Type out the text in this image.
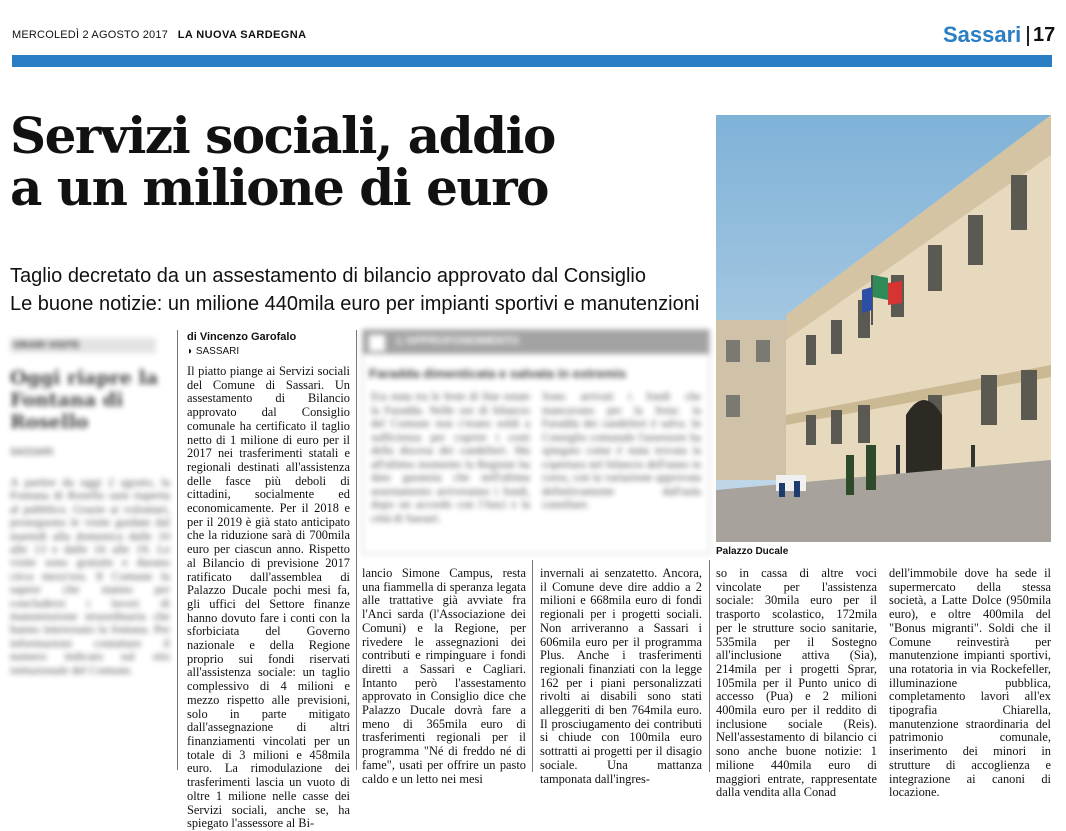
MERCOLEDÌ 2 AGOSTO 2017 LA NUOVA SARDEGNA	Sassari 17
Servizi sociali, addio
a un milione di euro
Taglio decretato da un assestamento di bilancio approvato dal Consiglio
Le buone notizie: un milione 440mila euro per impianti sportivi e manutenzioni
Palazzo Ducale
ORARI VISITE
Oggi riapre la Fontana di Rosello
SASSARI
A partire da oggi 2 agosto, la Fontana di Rosello sarà riaperta al pubblico. Grazie ai volontari, proseguono le visite guidate dal martedì alla domenica dalle 10 alle 13 e dalle 16 alle 19. Le visite sono gratuite e durano circa mezz'ora. Il Comune fa sapere che stanno per concludersi i lavori di manutenzione straordinaria che hanno interessato la fontana. Per informazioni contattare il numero indicato sul sito istituzionale del Comune.
di Vincenzo Garofalo
◗ SASSARI

Il piatto piange ai Servizi sociali del Comune di Sassari. Un assestamento di Bilancio approvato dal Consiglio comunale ha certificato il taglio netto di 1 milione di euro per il 2017 nei trasferimenti statali e regionali destinati all'assistenza delle fasce più deboli di cittadini, socialmente ed economicamente. Per il 2018 e per il 2019 è già stato anticipato che la riduzione sarà di 700mila euro per ciascun anno. Rispetto al Bilancio di previsione 2017 ratificato dall'assemblea di Palazzo Ducale pochi mesi fa, gli uffici del Settore finanze hanno dovuto fare i conti con la sforbiciata del Governo nazionale e della Regione proprio sui fondi riservati all'assistenza sociale: un taglio complessivo di 4 milioni e mezzo rispetto alle previsioni, solo in parte mitigato dall'assegnazione di altri finanziamenti vincolati per un totale di 3 milioni e 458mila euro. La rimodulazione dei trasferimenti lascia un vuoto di oltre 1 milione nelle casse dei Servizi sociali, anche se, ha spiegato l'assessore al Bi-

L'APPROFONDIMENTO
Faradda dimenticata e salvata in extremis

Era stata tra le feste di fine estate la Faradda. Nelle ore di bilancio del Comune non c'erano soldi a sufficienza per coprire i costi della discesa dei candelieri. Ma all'ultimo momento la Regione ha dato garanzia che nell'ultima assestamento arriveranno i fondi, dopo un accordo con l'Anci e la città di Sassari.

Sono arrivati i fondi che mancavano per la festa: la Faradda dei candelieri è salva. In Consiglio comunale l'assessore ha spiegato come è stata trovata la copertura nel bilancio dell'anno in corso, con la variazione approvata definitivamente dall'aula consiliare.

lancio Simone Campus, resta una fiammella di speranza legata alle trattative già avviate fra l'Anci sarda (l'Associazione dei Comuni) e la Regione, per rivedere le assegnazioni dei contributi e rimpinguare i fondi diretti a Sassari e Cagliari. Intanto però l'assestamento approvato in Consiglio dice che Palazzo Ducale dovrà fare a meno di 365mila euro di trasferimenti regionali per il programma "Né di freddo né di fame", usati per offrire un pasto caldo e un letto nei mesi

invernali ai senzatetto. Ancora, il Comune deve dire addio a 2 milioni e 668mila euro di fondi regionali per i progetti sociali. Non arriveranno a Sassari i 606mila euro per il programma Plus. Anche i trasferimenti regionali finanziati con la legge 162 per i piani personalizzati rivolti ai disabili sono stati alleggeriti di ben 764mila euro. Il prosciugamento dei contributi si chiude con 100mila euro sottratti ai progetti per il disagio sociale. Una mattanza tamponata dall'ingres-

so in cassa di altre voci vincolate per l'assistenza sociale: 30mila euro per il trasporto scolastico, 172mila per le strutture socio sanitarie, 535mila per il Sostegno all'inclusione attiva (Sia), 214mila per i progetti Sprar, 105mila per il Punto unico di accesso (Pua) e 2 milioni 400mila euro per il reddito di inclusione sociale (Reis). Nell'assestamento di bilancio ci sono anche buone notizie: 1 milione 440mila euro di maggiori entrate, rappresentate dalla vendita alla Conad

dell'immobile dove ha sede il supermercato della stessa società, a Latte Dolce (950mila euro), e oltre 400mila del "Bonus migranti". Soldi che il Comune reinvestirà per manutenzione impianti sportivi, una rotatoria in via Rockefeller, illuminazione pubblica, completamento lavori all'ex tipografia Chiarella, manutenzione straordinaria del patrimonio comunale, inserimento dei minori in strutture di accoglienza e integrazione ai canoni di locazione.
